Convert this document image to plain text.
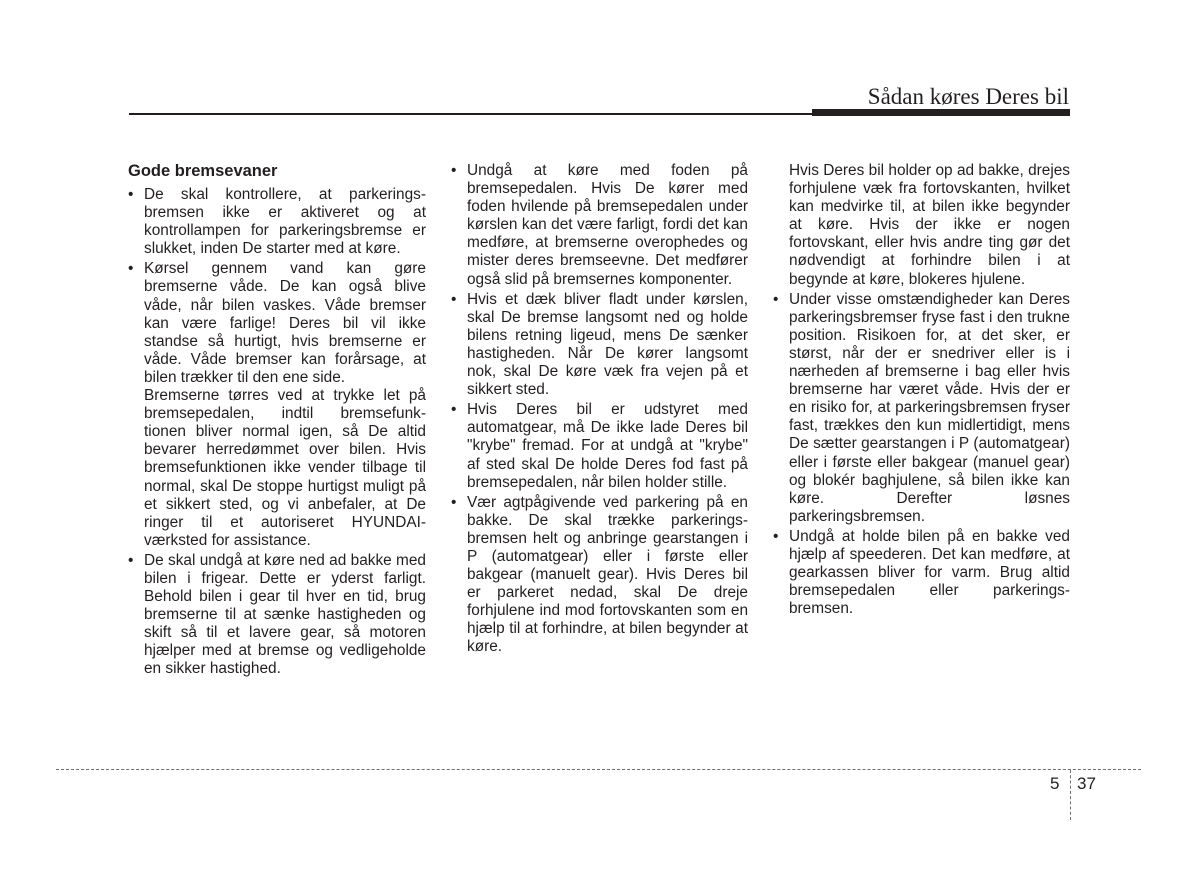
Sådan køres Deres bil
Gode bremsevaner
• De skal kontrollere, at parkerings- bremsen ikke er aktiveret og at kontrollampen for parkeringsbremse er slukket, inden De starter med at køre.
• Kørsel gennem vand kan gøre bremserne våde. De kan også blive våde, når bilen vaskes. Våde bremser kan være farlige! Deres bil vil ikke standse så hurtigt, hvis bremserne er våde. Våde bremser kan forårsage, at bilen trækker til den ene side.
Bremserne tørres ved at trykke let på bremsepedalen, indtil bremsefunk- tionen bliver normal igen, så De altid bevarer herredømmet over bilen. Hvis bremsefunktionen ikke vender tilbage til normal, skal De stoppe hurtigst muligt på et sikkert sted, og vi anbefaler, at De ringer til et autoriseret HYUNDAI-værksted for assistance.
• De skal undgå at køre ned ad bakke med bilen i frigear. Dette er yderst farligt. Behold bilen i gear til hver en tid, brug bremserne til at sænke hastigheden og skift så til et lavere gear, så motoren hjælper med at bremse og vedligeholde en sikker hastighed.
• Undgå at køre med foden på bremsepedalen. Hvis De kører med foden hvilende på bremsepedalen under kørslen kan det være farligt, fordi det kan medføre, at bremserne overophedes og mister deres bremseevne. Det medfører også slid på bremsernes komponenter.
• Hvis et dæk bliver fladt under kørslen, skal De bremse langsomt ned og holde bilens retning ligeud, mens De sænker hastigheden. Når De kører langsomt nok, skal De køre væk fra vejen på et sikkert sted.
• Hvis Deres bil er udstyret med automatgear, må De ikke lade Deres bil "krybe" fremad. For at undgå at "krybe" af sted skal De holde Deres fod fast på bremsepedalen, når bilen holder stille.
• Vær agtpågivende ved parkering på en bakke. De skal trække parkerings- bremsen helt og anbringe gearstangen i P (automatgear) eller i første eller bakgear (manuelt gear). Hvis Deres bil er parkeret nedad, skal De dreje forhjulene ind mod fortovskanten som en hjælp til at forhindre, at bilen begynder at køre.
Hvis Deres bil holder op ad bakke, drejes forhjulene væk fra fortovskanten, hvilket kan medvirke til, at bilen ikke begynder at køre. Hvis der ikke er nogen fortovskant, eller hvis andre ting gør det nødvendigt at forhindre bilen i at begynde at køre, blokeres hjulene.
• Under visse omstændigheder kan Deres parkeringsbremser fryse fast i den trukne position. Risikoen for, at det sker, er størst, når der er snedriver eller is i nærheden af bremserne i bag eller hvis bremserne har været våde. Hvis der er en risiko for, at parkeringsbremsen fryser fast, trækkes den kun midlertidigt, mens De sætter gearstangen i P (automatgear) eller i første eller bakgear (manuel gear) og blokér baghjulene, så bilen ikke kan køre. Derefter løsnes parkeringsbremsen.
• Undgå at holde bilen på en bakke ved hjælp af speederen. Det kan medføre, at gearkassen bliver for varm. Brug altid bremsepedalen eller parkerings- bremsen.
5 37
